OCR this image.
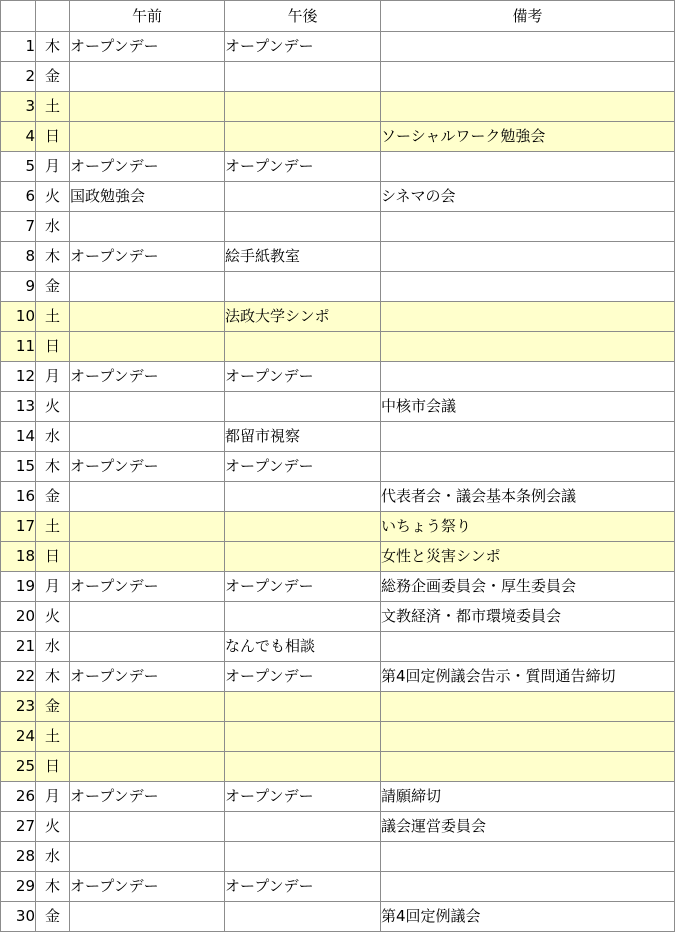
		午前	午後	備考
1	木	オープンデー	オープンデー	
2	金			
3	土			
4	日			ソーシャルワーク勉強会
5	月	オープンデー	オープンデー	
6	火	国政勉強会		シネマの会
7	水			
8	木	オープンデー	絵手紙教室	
9	金			
10	土		法政大学シンポ	
11	日			
12	月	オープンデー	オープンデー	
13	火			中核市会議
14	水		都留市視察	
15	木	オープンデー	オープンデー	
16	金			代表者会・議会基本条例会議
17	土			いちょう祭り
18	日			女性と災害シンポ
19	月	オープンデー	オープンデー	総務企画委員会・厚生委員会
20	火			文教経済・都市環境委員会
21	水		なんでも相談	
22	木	オープンデー	オープンデー	第4回定例議会告示・質問通告締切
23	金			
24	土			
25	日			
26	月	オープンデー	オープンデー	請願締切
27	火			議会運営委員会
28	水			
29	木	オープンデー	オープンデー	
30	金			第4回定例議会
